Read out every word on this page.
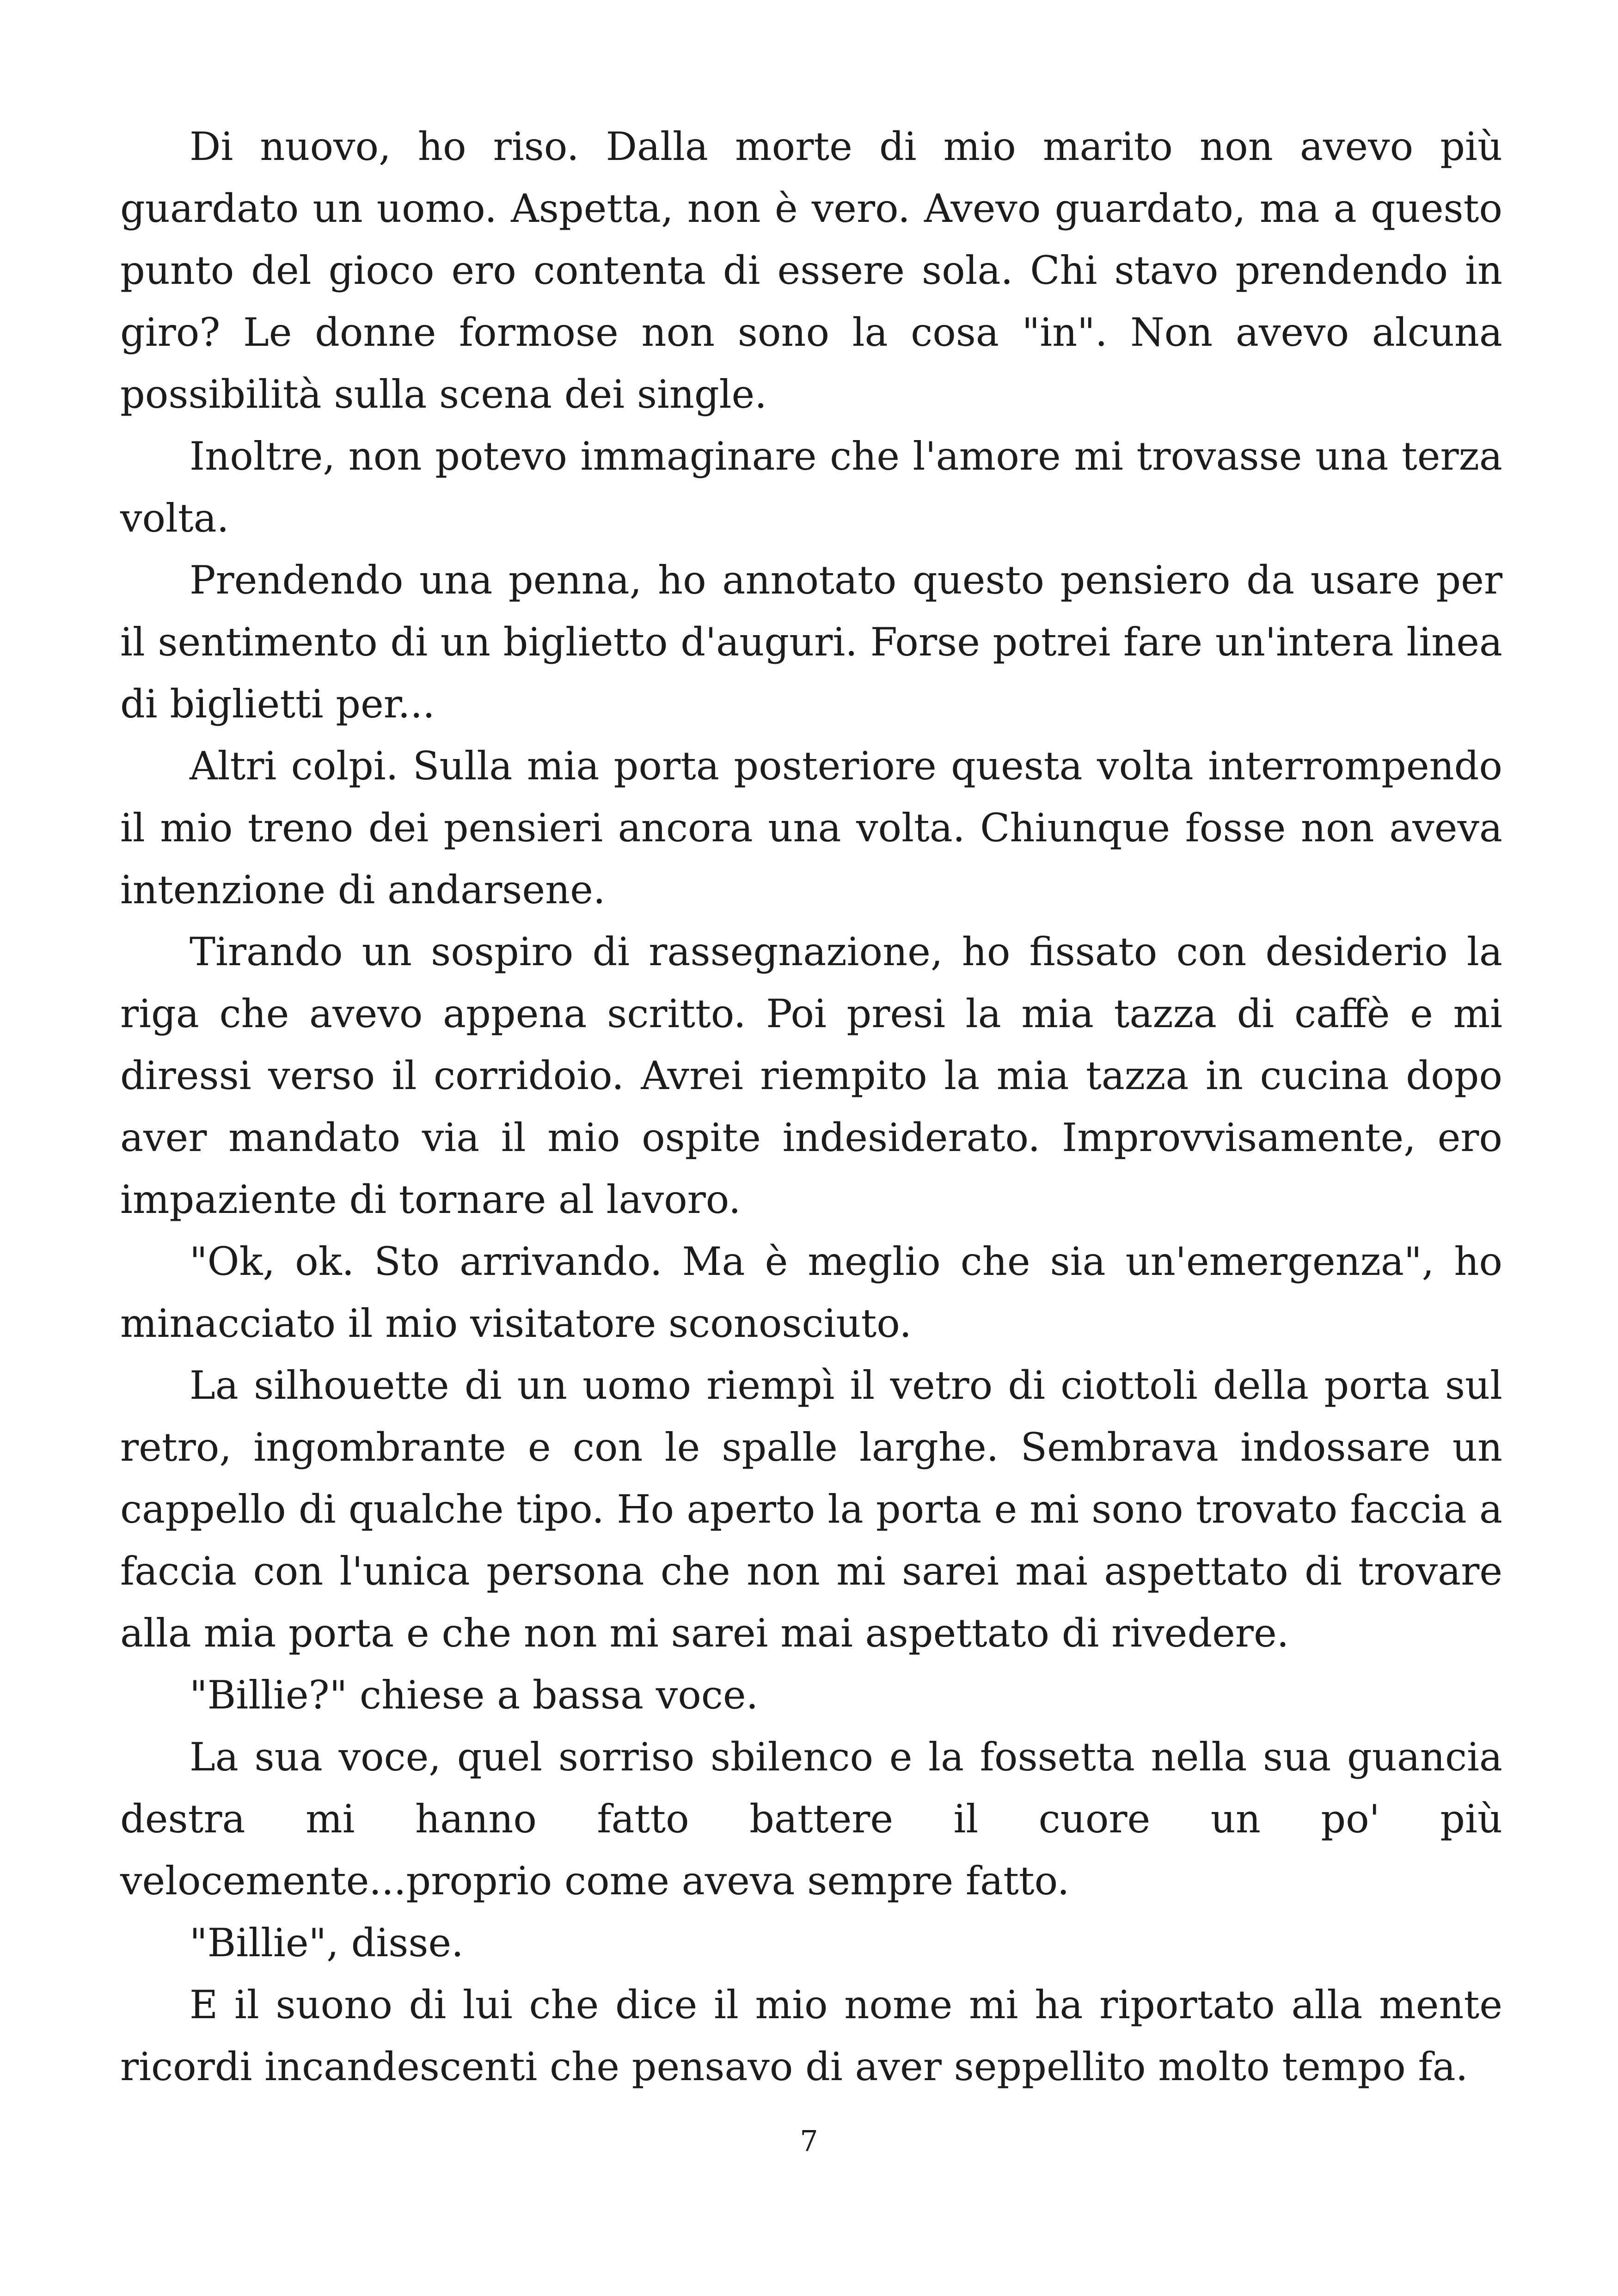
Di nuovo, ho riso. Dalla morte di mio marito non avevo più guardato un uomo. Aspetta, non è vero. Avevo guardato, ma a questo punto del gioco ero contenta di essere sola. Chi stavo prendendo in giro? Le donne formose non sono la cosa "in". Non avevo alcuna possibilità sulla scena dei single.

Inoltre, non potevo immaginare che l'amore mi trovasse una terza volta.

Prendendo una penna, ho annotato questo pensiero da usare per il sentimento di un biglietto d'auguri. Forse potrei fare un'intera linea di biglietti per...

Altri colpi. Sulla mia porta posteriore questa volta interrompendo il mio treno dei pensieri ancora una volta. Chiunque fosse non aveva intenzione di andarsene.

Tirando un sospiro di rassegnazione, ho fissato con desiderio la riga che avevo appena scritto. Poi presi la mia tazza di caffè e mi diressi verso il corridoio. Avrei riempito la mia tazza in cucina dopo aver mandato via il mio ospite indesiderato. Improvvisamente, ero impaziente di tornare al lavoro.

"Ok, ok. Sto arrivando. Ma è meglio che sia un'emergenza", ho minacciato il mio visitatore sconosciuto.

La silhouette di un uomo riempì il vetro di ciottoli della porta sul retro, ingombrante e con le spalle larghe. Sembrava indossare un cappello di qualche tipo. Ho aperto la porta e mi sono trovato faccia a faccia con l'unica persona che non mi sarei mai aspettato di trovare alla mia porta e che non mi sarei mai aspettato di rivedere.

"Billie?" chiese a bassa voce.

La sua voce, quel sorriso sbilenco e la fossetta nella sua guancia destra mi hanno fatto battere il cuore un po' più velocemente...proprio come aveva sempre fatto.

"Billie", disse.

E il suono di lui che dice il mio nome mi ha riportato alla mente ricordi incandescenti che pensavo di aver seppellito molto tempo fa.

7
